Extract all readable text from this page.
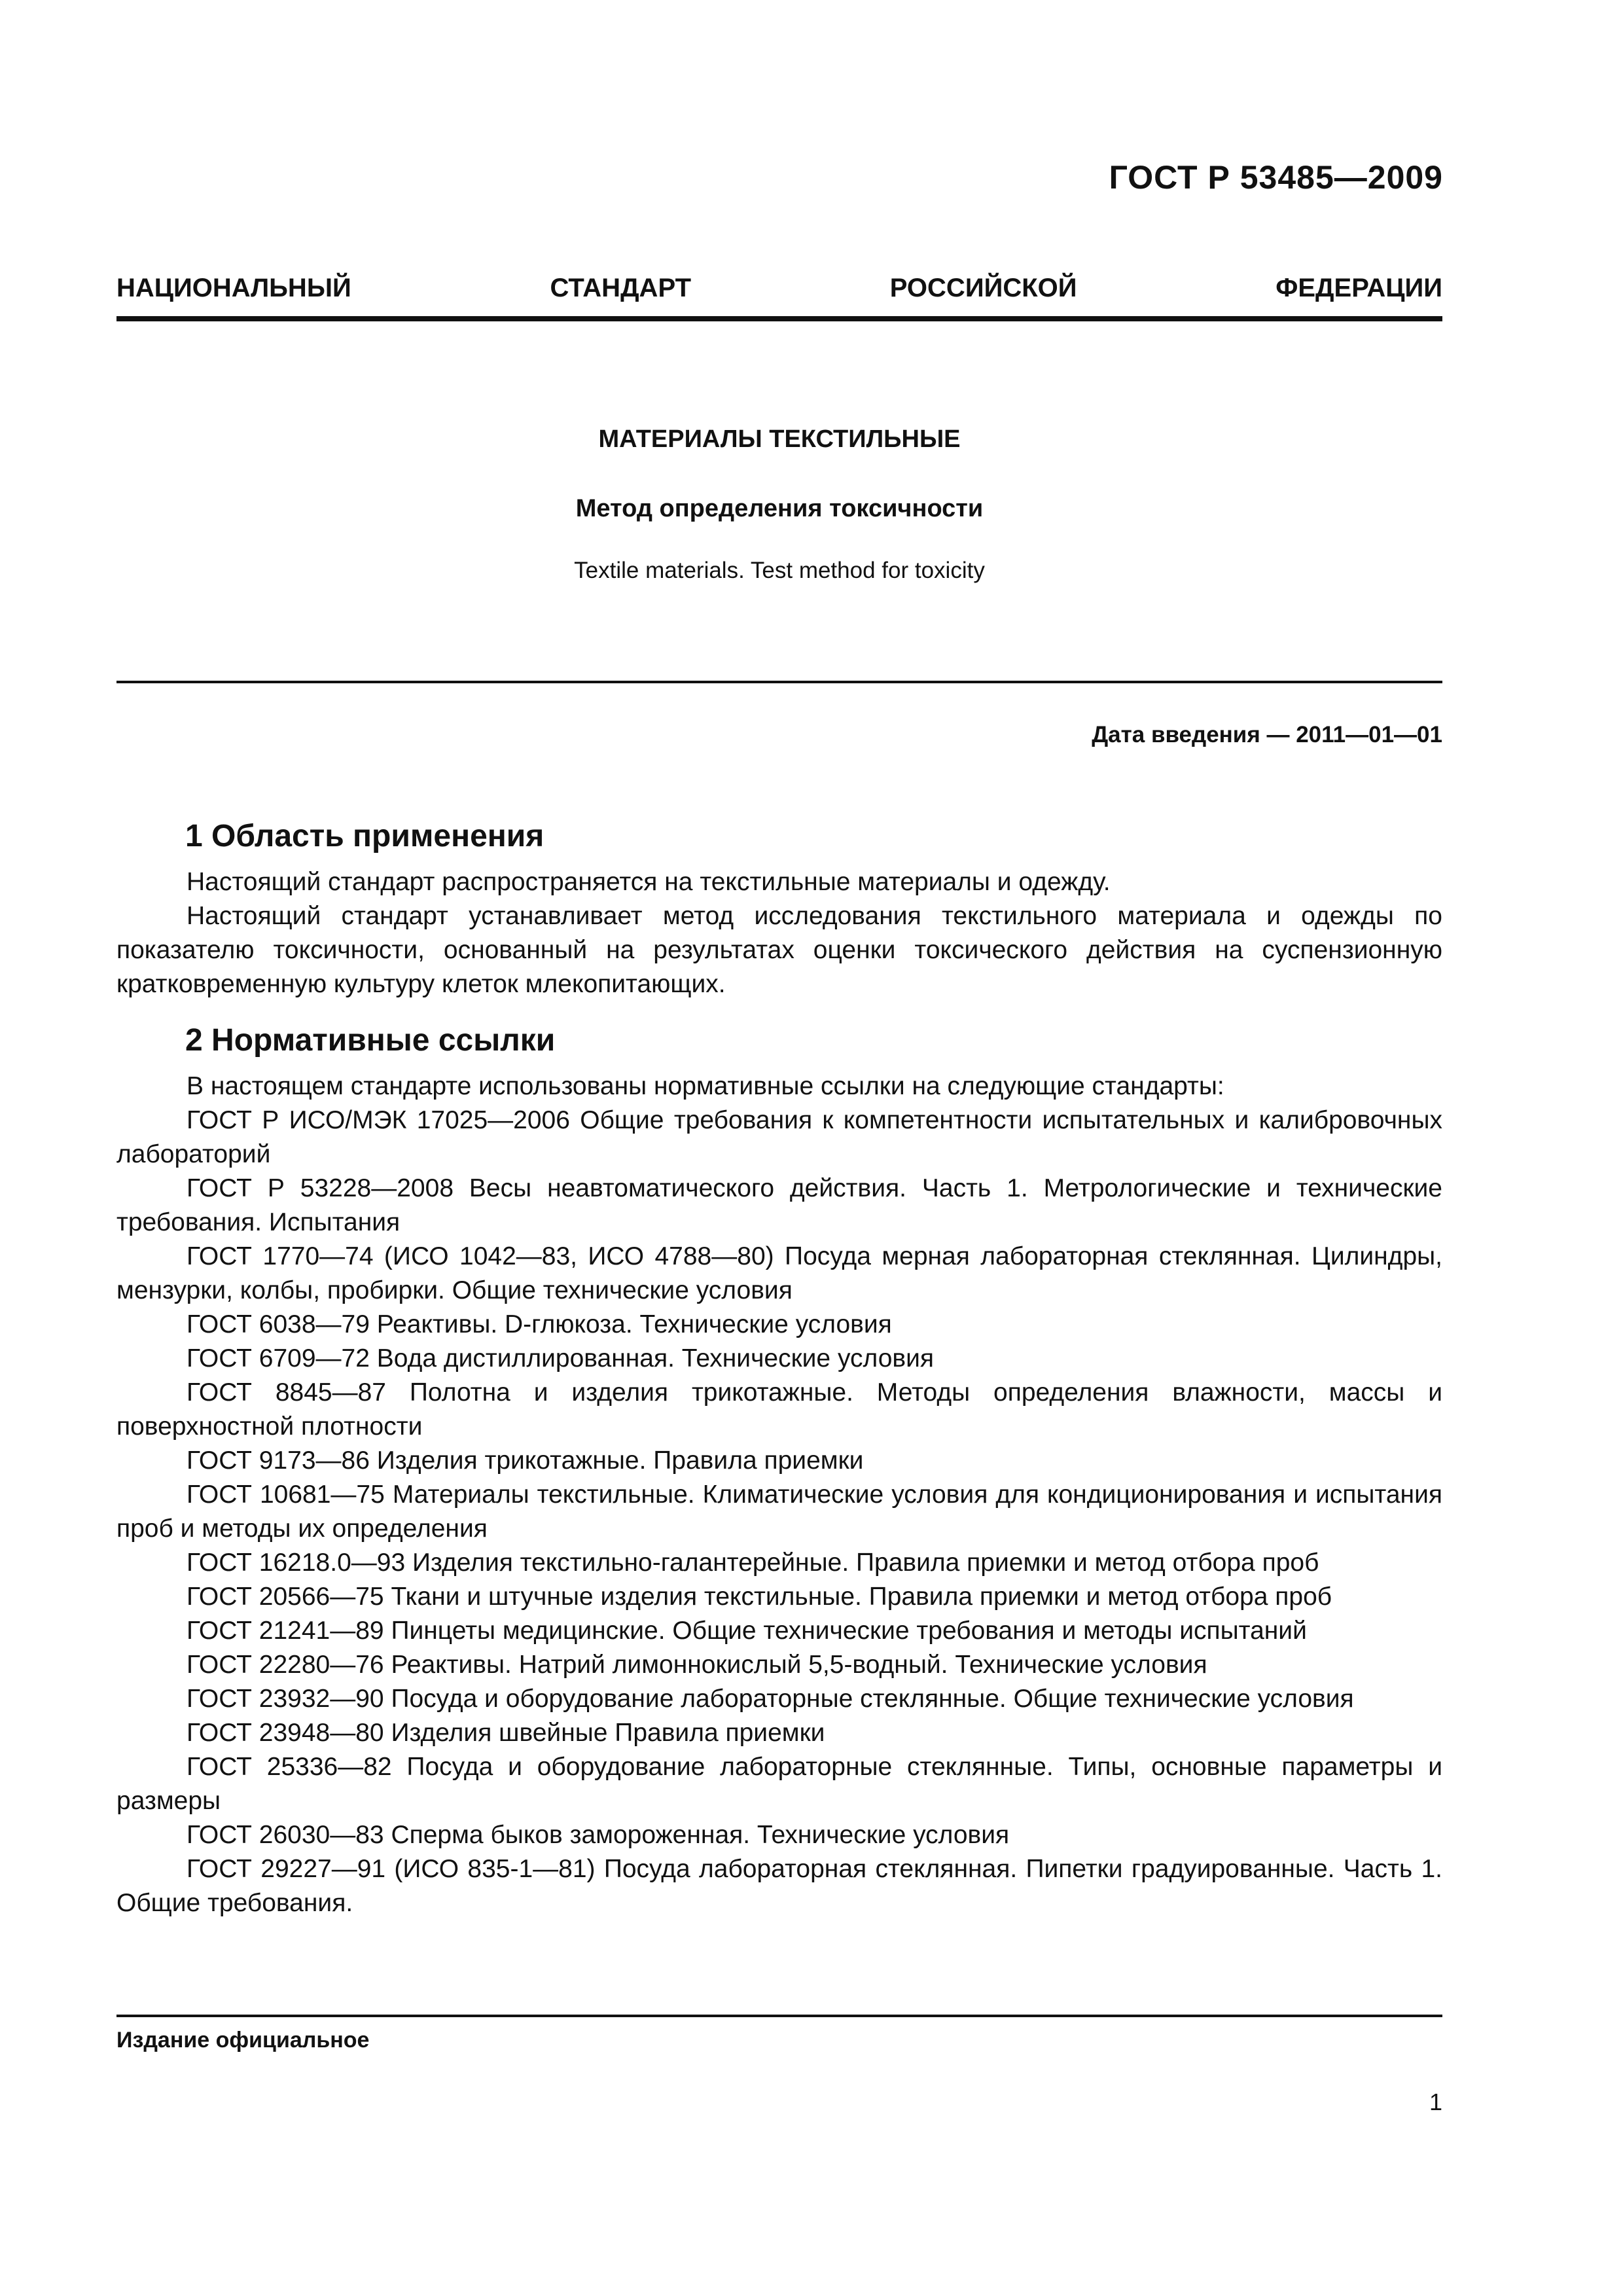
ГОСТ Р 53485—2009
НАЦИОНАЛЬНЫЙ	СТАНДАРТ	РОССИЙСКОЙ	ФЕДЕРАЦИИ
МАТЕРИАЛЫ ТЕКСТИЛЬНЫЕ
Метод определения токсичности
Textile materials. Test method for toxicity
Дата введения — 2011—01—01
1 Область применения

Настоящий стандарт распространяется на текстильные материалы и одежду.

Настоящий стандарт устанавливает метод исследования текстильного материала и одежды по показателю токсичности, основанный на результатах оценки токсического действия на суспензионную кратковременную культуру клеток млекопитающих.

2 Нормативные ссылки

В настоящем стандарте использованы нормативные ссылки на следующие стандарты:

ГОСТ Р ИСО/МЭК 17025—2006 Общие требования к компетентности испытательных и калибровочных лабораторий
ГОСТ Р 53228—2008 Весы неавтоматического действия. Часть 1. Метрологические и технические требования. Испытания
ГОСТ 1770—74 (ИСО 1042—83, ИСО 4788—80) Посуда мерная лабораторная стеклянная. Цилиндры, мензурки, колбы, пробирки. Общие технические условия
ГОСТ 6038—79 Реактивы. D-глюкоза. Технические условия
ГОСТ 6709—72 Вода дистиллированная. Технические условия
ГОСТ 8845—87 Полотна и изделия трикотажные. Методы определения влажности, массы и поверхностной плотности
ГОСТ 9173—86 Изделия трикотажные. Правила приемки
ГОСТ 10681—75 Материалы текстильные. Климатические условия для кондиционирования и испытания проб и методы их определения
ГОСТ 16218.0—93 Изделия текстильно-галантерейные. Правила приемки и метод отбора проб
ГОСТ 20566—75 Ткани и штучные изделия текстильные. Правила приемки и метод отбора проб
ГОСТ 21241—89 Пинцеты медицинские. Общие технические требования и методы испытаний
ГОСТ 22280—76 Реактивы. Натрий лимоннокислый 5,5-водный. Технические условия
ГОСТ 23932—90 Посуда и оборудование лабораторные стеклянные. Общие технические условия
ГОСТ 23948—80 Изделия швейные Правила приемки
ГОСТ 25336—82 Посуда и оборудование лабораторные стеклянные. Типы, основные параметры и размеры
ГОСТ 26030—83 Сперма быков замороженная. Технические условия
ГОСТ 29227—91 (ИСО 835-1—81) Посуда лабораторная стеклянная. Пипетки градуированные. Часть 1. Общие требования.
Издание официальное
1
